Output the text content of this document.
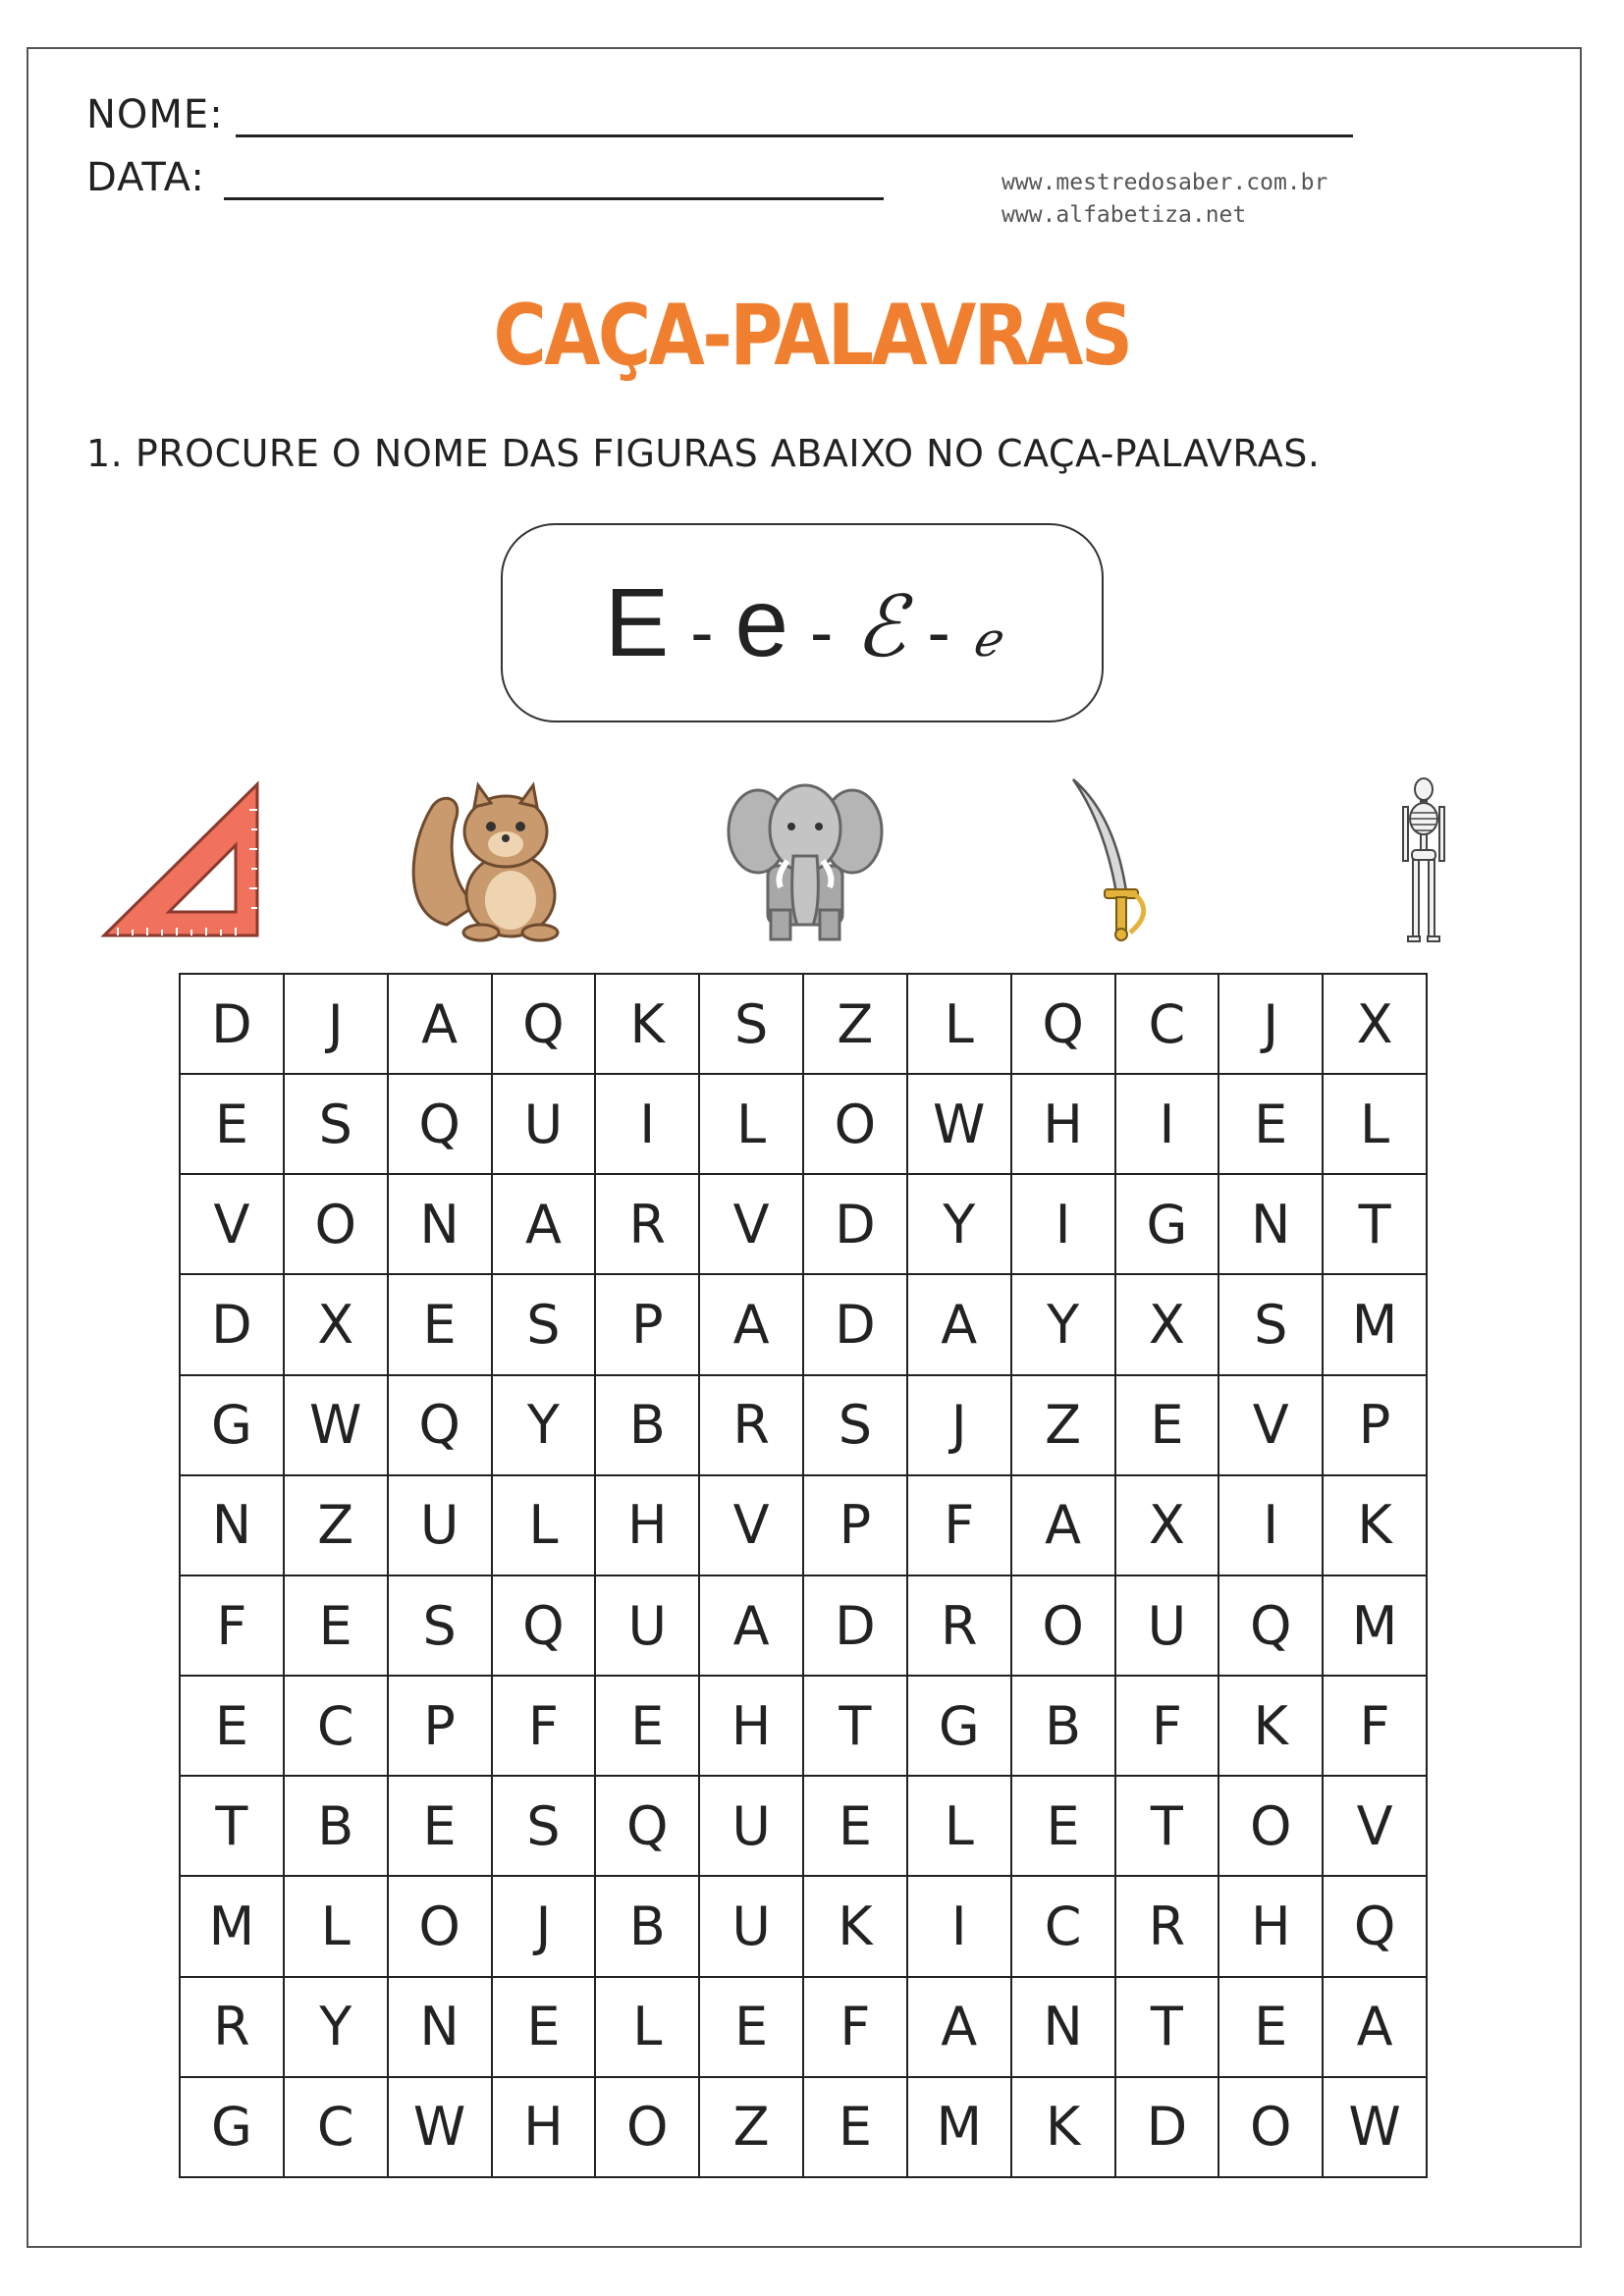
NOME:
DATA:	www.mestredosaber.com.br
www.alfabetiza.net
CAÇA-PALAVRAS
1. PROCURE O NOME DAS FIGURAS ABAIXO NO CAÇA-PALAVRAS.
E - e - ℰ - ℯ
D	J	A	Q	K	S	Z	L	Q	C	J	X
E	S	Q	U	I	L	O	W	H	I	E	L
V	O	N	A	R	V	D	Y	I	G	N	T
D	X	E	S	P	A	D	A	Y	X	S	M
G	W	Q	Y	B	R	S	J	Z	E	V	P
N	Z	U	L	H	V	P	F	A	X	I	K
F	E	S	Q	U	A	D	R	O	U	Q	M
E	C	P	F	E	H	T	G	B	F	K	F
T	B	E	S	Q	U	E	L	E	T	O	V
M	L	O	J	B	U	K	I	C	R	H	Q
R	Y	N	E	L	E	F	A	N	T	E	A
G	C	W	H	O	Z	E	M	K	D	O	W
